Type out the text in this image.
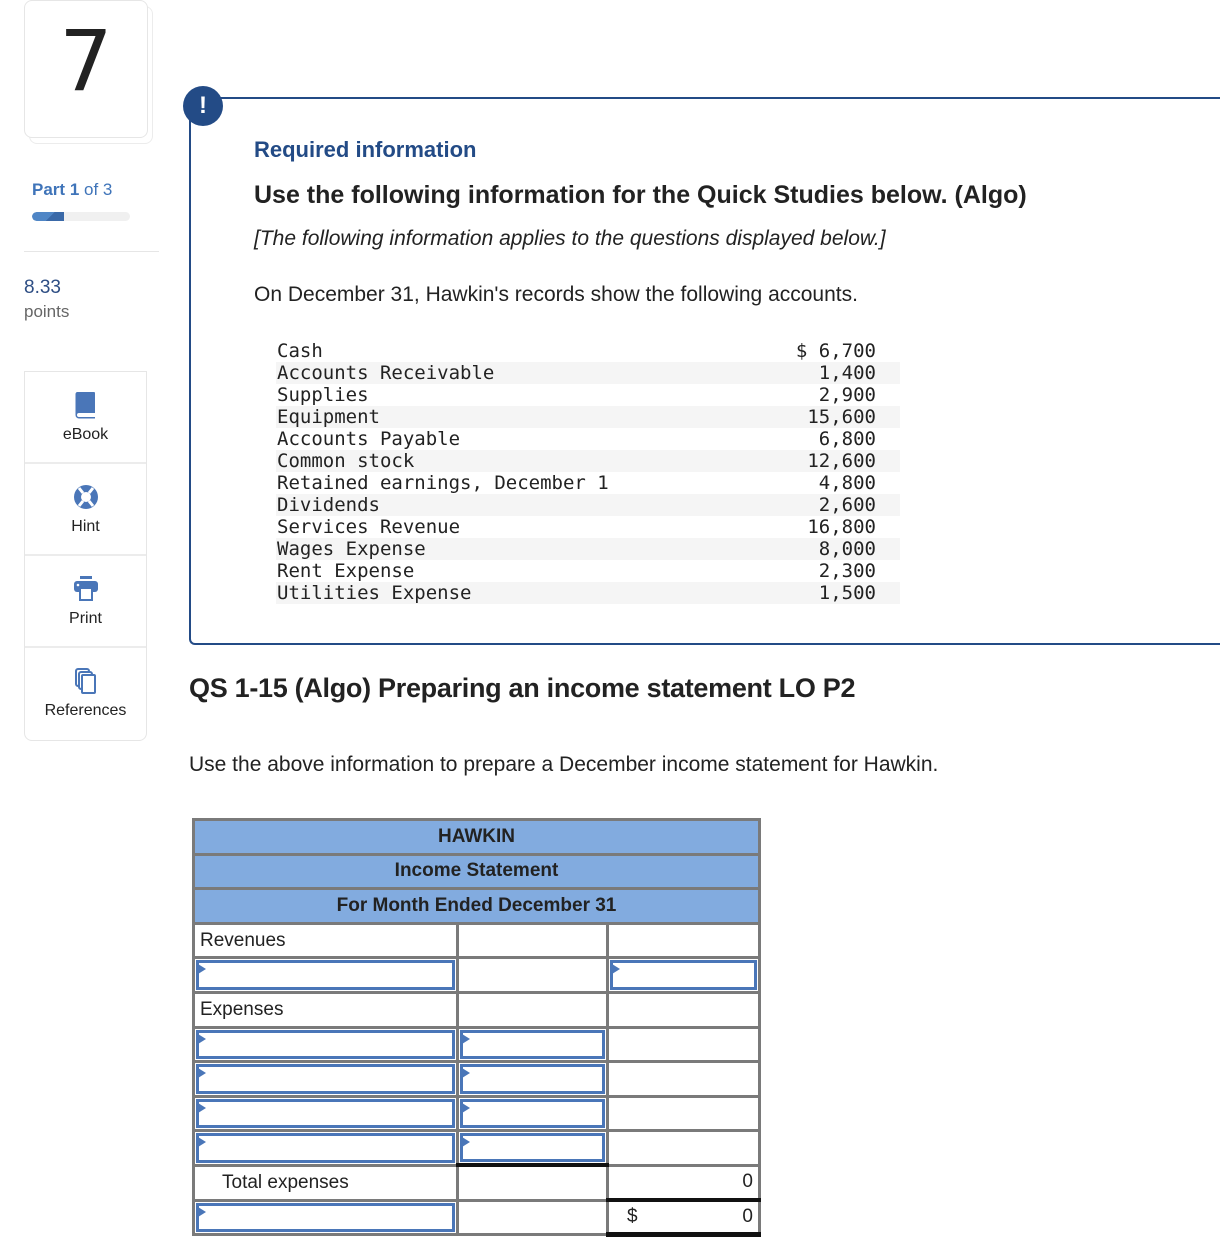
7
Part 1 of 3
8.33
points
eBook
Hint
Print
References
!
Required information
Use the following information for the Quick Studies below. (Algo)
[The following information applies to the questions displayed below.]
On December 31, Hawkin's records show the following accounts.
Cash	$ 6,700
Accounts Receivable	1,400
Supplies	2,900
Equipment	15,600
Accounts Payable	6,800
Common stock	12,600
Retained earnings, December 1	4,800
Dividends	2,600
Services Revenue	16,800
Wages Expense	8,000
Rent Expense	2,300
Utilities Expense	1,500
QS 1-15 (Algo) Preparing an income statement LO P2
Use the above information to prepare a December income statement for Hawkin.
HAWKIN		
Income Statement		
For Month Ended December 31		
Revenues		

Expenses		

Total expenses		0

		$ 0
